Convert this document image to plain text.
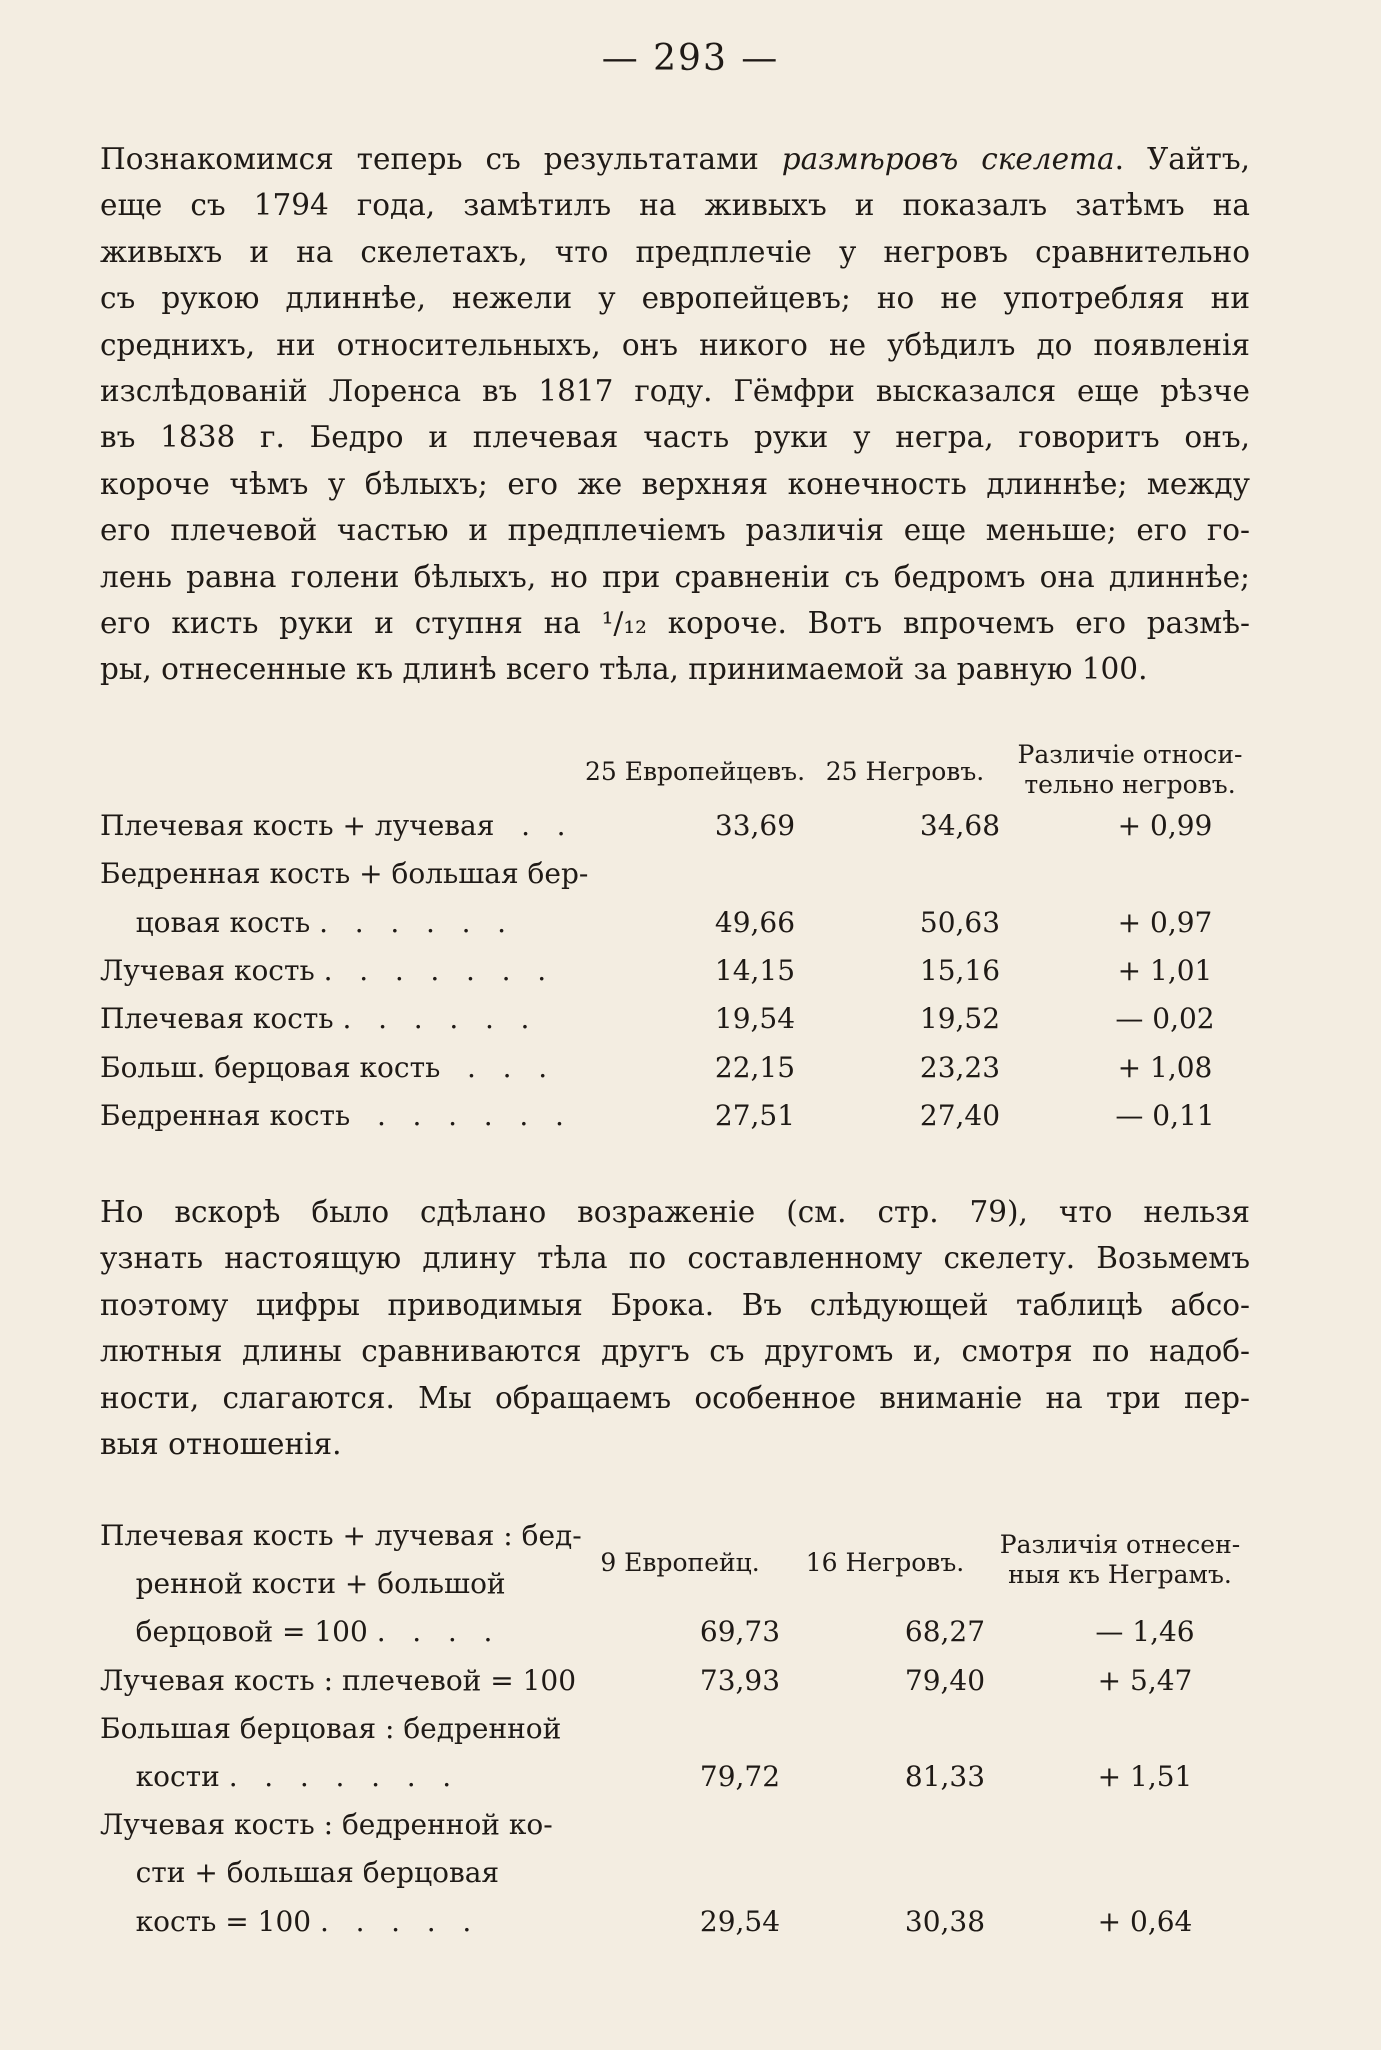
— 293 —
Познакомимся теперь съ результатами размѣровъ скелета. Уайтъ,
еще съ 1794 года, замѣтилъ на живыхъ и показалъ затѣмъ на
живыхъ и на скелетахъ, что предплечіе у негровъ сравнительно
съ рукою длиннѣе, нежели у европейцевъ; но не употребляя ни
среднихъ, ни относительныхъ, онъ никого не убѣдилъ до появленія
изслѣдованій Лоренса въ 1817 году. Гёмфри высказался еще рѣзче
въ 1838 г. Бедро и плечевая часть руки у негра, говоритъ онъ,
короче чѣмъ у бѣлыхъ; его же верхняя конечность длиннѣе; между
его плечевой частью и предплечіемъ различія еще меньше; его го-
лень равна голени бѣлыхъ, но при сравненіи съ бедромъ она длиннѣе;
его кисть руки и ступня на ¹/₁₂ короче. Вотъ впрочемъ его размѣ-
ры, отнесенные къ длинѣ всего тѣла, принимаемой за равную 100.
25 Европейцевъ. 25 Негровъ.
Различіе относи-
тельно негровъ.
Плечевая кость + лучевая   .   .	33,69	34,68	+ 0,99
Бедренная кость + большая бер-
цовая кость .   .   .   .   .   .	49,66	50,63	+ 0,97
Лучевая кость .   .   .   .   .   .   .	14,15	15,16	+ 1,01
Плечевая кость .   .   .   .   .   .	19,54	19,52	— 0,02
Больш. берцовая кость   .   .   .	22,15	23,23	+ 1,08
Бедренная кость   .   .   .   .   .   .	27,51	27,40	— 0,11
Но вскорѣ было сдѣлано возраженіе (см. стр. 79), что нельзя
узнать настоящую длину тѣла по составленному скелету. Возьмемъ
поэтому цифры приводимыя Брока. Въ слѣдующей таблицѣ абсо-
лютныя длины сравниваются другъ съ другомъ и, смотря по надоб-
ности, слагаются. Мы обращаемъ особенное вниманіе на три пер-
выя отношенія.
9 Европейц.	16 Негровъ.
Различія отнесен-
ныя къ Неграмъ.
Плечевая кость + лучевая : бед-
ренной кости + большой
берцовой = 100 .   .   .   .	69,73	68,27	— 1,46
Лучевая кость : плечевой = 100	73,93	79,40	+ 5,47
Большая берцовая : бедренной
кости .   .   .   .   .   .   .	79,72	81,33	+ 1,51
Лучевая кость : бедренной ко-
сти + большая берцовая
кость = 100 .   .   .   .   .	29,54	30,38	+ 0,64
